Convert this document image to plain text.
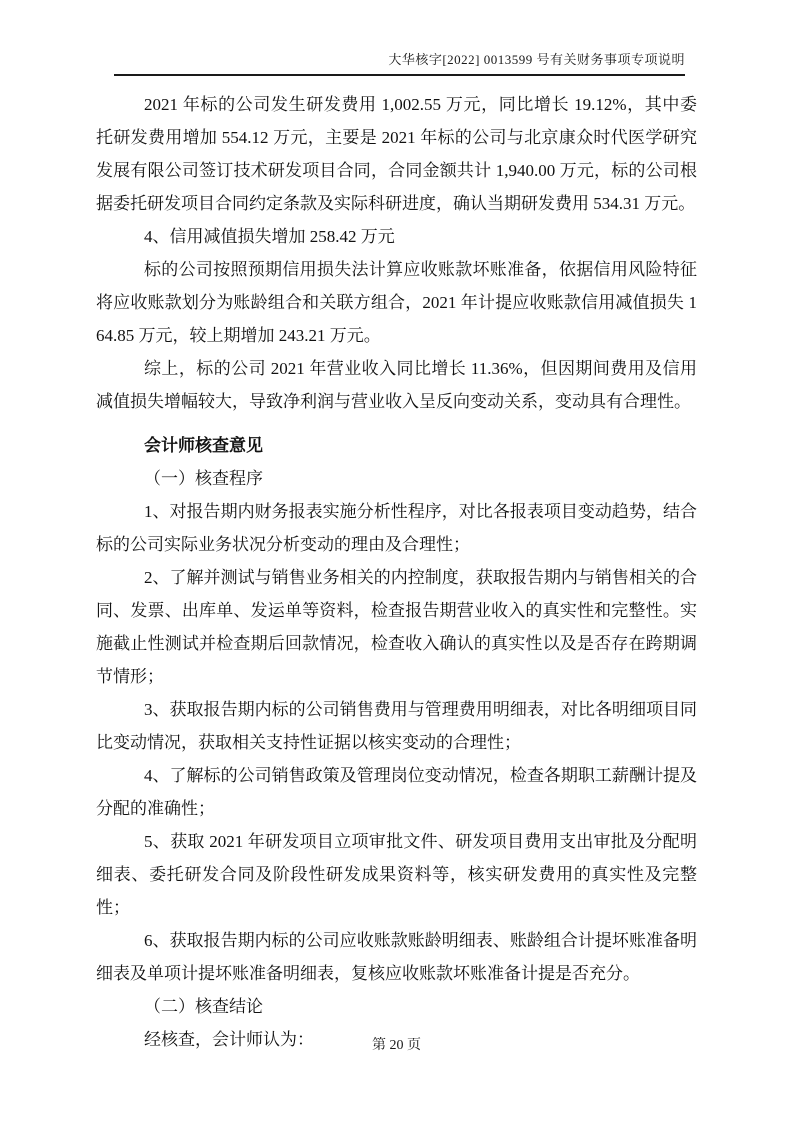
大华核字[2022] 0013599 号有关财务事项专项说明

2021 年标的公司发生研发费用 1,002.55 万元，同比增长 19.12%，其中委托研发费用增加 554.12 万元，主要是 2021 年标的公司与北京康众时代医学研究发展有限公司签订技术研发项目合同，合同金额共计 1,940.00 万元，标的公司根据委托研发项目合同约定条款及实际科研进度，确认当期研发费用 534.31 万元。

4、信用减值损失增加 258.42 万元

标的公司按照预期信用损失法计算应收账款坏账准备，依据信用风险特征将应收账款划分为账龄组合和关联方组合，2021 年计提应收账款信用减值损失 164.85 万元，较上期增加 243.21 万元。

综上，标的公司 2021 年营业收入同比增长 11.36%，但因期间费用及信用减值损失增幅较大，导致净利润与营业收入呈反向变动关系，变动具有合理性。

会计师核查意见

（一）核查程序

1、对报告期内财务报表实施分析性程序，对比各报表项目变动趋势，结合标的公司实际业务状况分析变动的理由及合理性；

2、了解并测试与销售业务相关的内控制度，获取报告期内与销售相关的合同、发票、出库单、发运单等资料，检查报告期营业收入的真实性和完整性。实施截止性测试并检查期后回款情况，检查收入确认的真实性以及是否存在跨期调节情形；

3、获取报告期内标的公司销售费用与管理费用明细表，对比各明细项目同比变动情况，获取相关支持性证据以核实变动的合理性；

4、了解标的公司销售政策及管理岗位变动情况，检查各期职工薪酬计提及分配的准确性；

5、获取 2021 年研发项目立项审批文件、研发项目费用支出审批及分配明细表、委托研发合同及阶段性研发成果资料等，核实研发费用的真实性及完整性；

6、获取报告期内标的公司应收账款账龄明细表、账龄组合计提坏账准备明细表及单项计提坏账准备明细表，复核应收账款坏账准备计提是否充分。

（二）核查结论

经核查，会计师认为：	第 20 页
